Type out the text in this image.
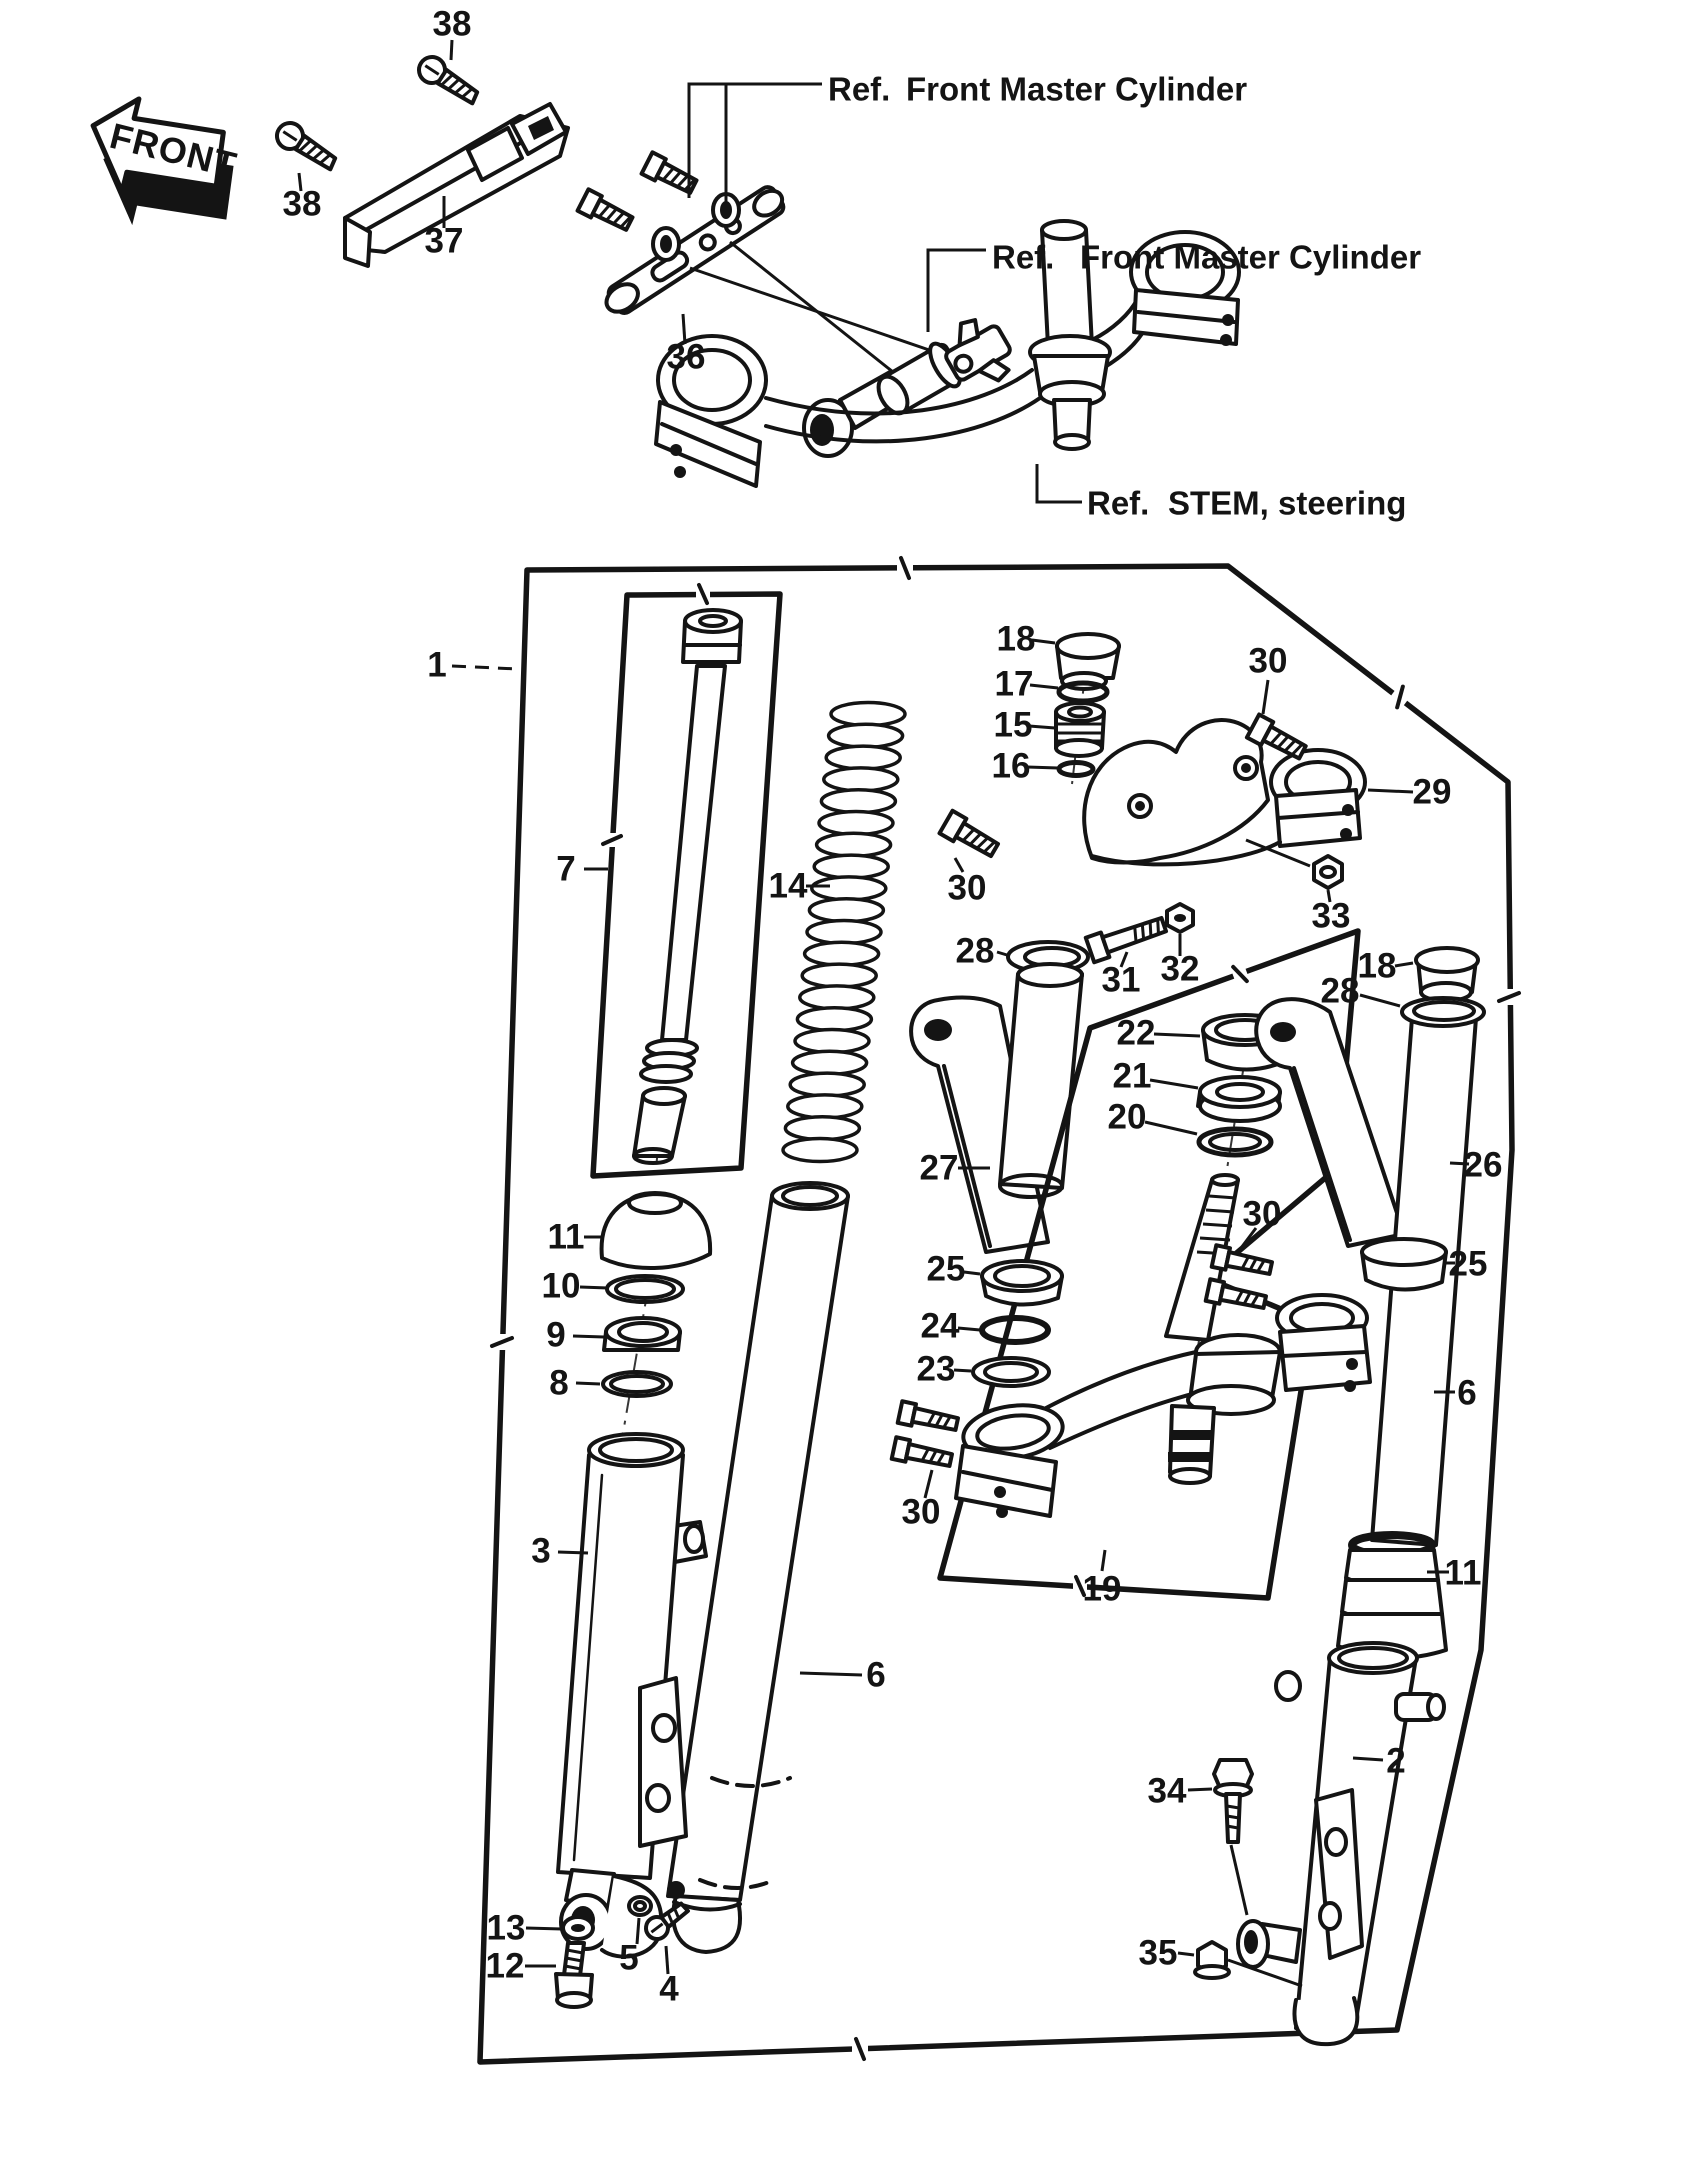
FRONT
Ref. Front Master Cylinder
Ref. Front Master Cylinder
Ref. STEM, steering
38
38
37
36
1
7	14
11
10
9
8
3
13
12	5
4
6
18
17
15
16
30
30
29
33
28
31 32
27
22
21
20
25
24
23
30
30
19
18
28
26
25
6
11
2
34
35
